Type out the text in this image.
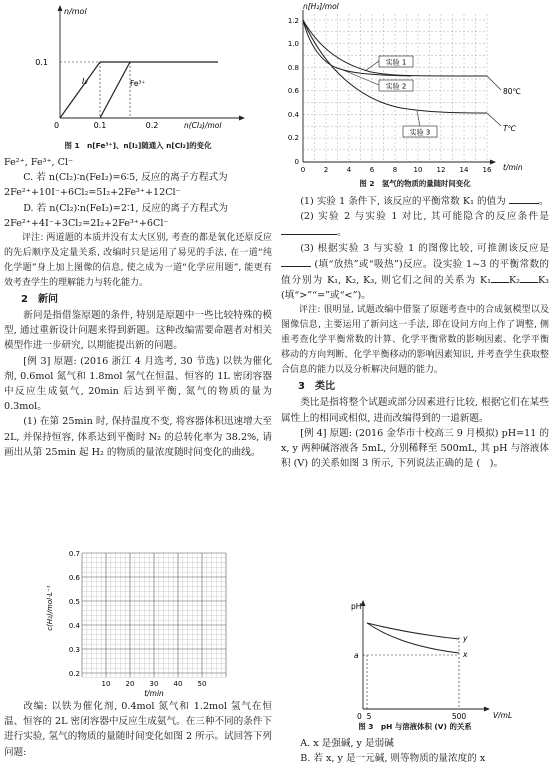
n/mol
0.1
I₂	Fe³⁺
0	0.1	0.2	n(Cl₂)/mol
图 1　n[Fe³⁺]、n[I₂]随通入 n[Cl₂]的变化
Fe²⁺, Fe³⁺, Cl⁻
C. 若 n(Cl₂)∶n(FeI₂)=6∶5, 反应的离子方程式为
2Fe²⁺+10I⁻+6Cl₂=5I₂+2Fe³⁺+12Cl⁻
D. 若 n(Cl₂)∶n(FeI₂)=2∶1, 反应的离子方程式为
2Fe²⁺+4I⁻+3Cl₂=2I₂+2Fe³⁺+6Cl⁻
评注: 两道题的本质并没有太大区别, 考查的都是氧化还原反应的先后顺序及定量关系, 改编时只是运用了易见的手法, 在一道“纯化学题”身上加上图像的信息, 使之成为一道“化学应用题”, 能更有效考查学生的理解能力与转化能力。
2　新问
新问是指借鉴原题的条件, 特别是原题中一些比较特殊的模型, 通过重新设计问题来得到新题。这种改编需要命题者对相关模型作进一步研究, 以期能提出新的问题。
[例 3] 原题: (2016 浙江 4 月选考, 30 节选) 以铁为催化剂, 0.6mol 氮气和 1.8mol 氢气在恒温、恒容的 1L 密闭容器中反应生成氨气, 20min 后达到平衡, 氮气的物质的量为 0.3mol。
(1) 在第 25min 时, 保持温度不变, 将容器体积迅速增大至 2L, 并保持恒容, 体系达到平衡时 N₂ 的总转化率为 38.2%, 请画出从第 25min 起 H₂ 的物质的量浓度随时间变化的曲线。
c(H₂)/mol·L⁻¹
0.7
0.6
0.5
0.4
0.3
0.2
10 20 30 40 50
t/min
改编: 以铁为催化剂, 0.4mol 氮气和 1.2mol 氢气在恒温、恒容的 2L 密闭容器中反应生成氨气。在三种不同的条件下进行实验, 氢气的物质的量随时间变化如图 2 所示。试回答下列问题:
n[H₂]/mol
1.2
1.0
0.8
0.6
0.4
0.2
0
0	2	4	6	8 10 12 14 16 t/min
实验 1
实验 2
实验 3
80℃
T℃
图 2　氢气的物质的量随时间变化
(1) 实验 1 条件下, 该反应的平衡常数 K₁ 的值为	。
(2) 实验 2 与实验 1 对比, 其可能隐含的反应条件是 。
(3) 根据实验 3 与实验 1 的图像比较, 可推测该反应是  (填“放热”或“吸热”)反应。设实验 1~3 的平衡常数的值分别为 K₁, K₂, K₃, 则它们之间的关系为 K₁ K₂ K₃ (填“>”“=”或“<”)。
评注: 很明显, 试题改编中借鉴了原题考查中的合成氨模型以及图像信息, 主要运用了新问这一手法, 即在设问方向上作了调整, 侧重考查化学平衡常数的计算、化学平衡常数的影响因素、化学平衡移动的方向判断、化学平衡移动的影响因素知识, 并考查学生获取整合信息的能力以及分析解决问题的能力。
3　类比
类比是指将整个试题或部分因素进行比较, 根据它们在某些属性上的相同或相似, 进而改编得到的一道新题。
[例 4] 原题: (2016 金华市十校高三 9 月模拟) pH=11 的 x, y 两种碱溶液各 5mL, 分别稀释至 500mL, 其 pH 与溶液体积 (V) 的关系如图 3 所示, 下列说法正确的是 (　)。
pH
0
a
y
x
5	500	V/mL
图 3　pH 与溶液体积 (V) 的关系
A. x 是强碱, y 是弱碱
B. 若 x, y 是一元碱, 则等物质的量浓度的 x
